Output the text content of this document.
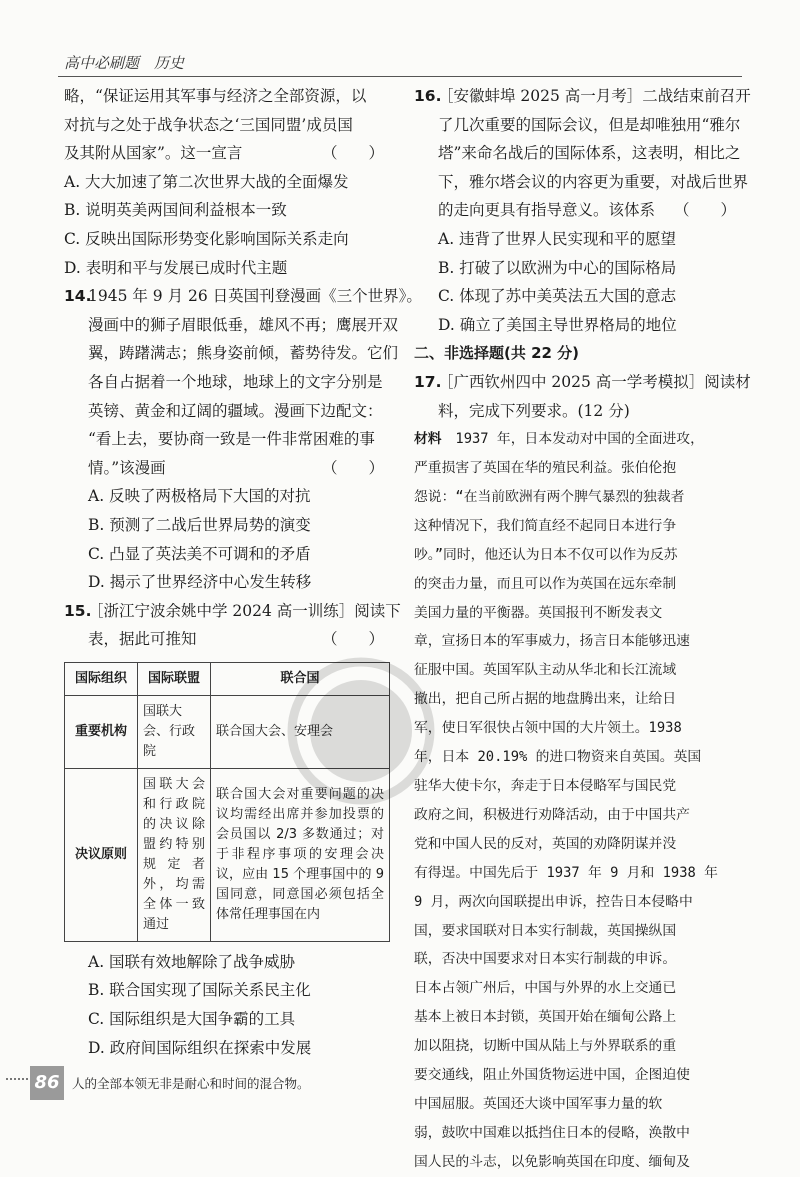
高中必刷题　历史
略，“保证运用其军事与经济之全部资源，以
对抗与之处于战争状态之‘三国同盟’成员国
及其附从国家”。这一宣言	（　　）
A. 大大加速了第二次世界大战的全面爆发
B. 说明英美两国间利益根本一致
C. 反映出国际形势变化影响国际关系走向
D. 表明和平与发展已成时代主题
14.1945 年 9 月 26 日英国刊登漫画《三个世界》。
漫画中的狮子眉眼低垂，雄风不再；鹰展开双
翼，踌躇满志；熊身姿前倾，蓄势待发。它们
各自占据着一个地球，地球上的文字分别是
英镑、黄金和辽阔的疆域。漫画下边配文：
“看上去，要协商一致是一件非常困难的事
情。”该漫画	（　　）
A. 反映了两极格局下大国的对抗
B. 预测了二战后世界局势的演变
C. 凸显了英法美不可调和的矛盾
D. 揭示了世界经济中心发生转移
15.［浙江宁波余姚中学 2024 高一训练］阅读下
表，据此可推知	（　　）
国际组织	国际联盟	联合国
重要机构	国联大会、行政院	联合国大会、安理会
决议原则	国联大会和行政院的决议除盟约特别规定者外，均需全体一致通过	联合国大会对重要问题的决议均需经出席并参加投票的会员国以 2/3 多数通过；对于非程序事项的安理会决议，应由 15 个理事国中的 9 国同意，同意国必须包括全体常任理事国在内
A. 国联有效地解除了战争威胁
B. 联合国实现了国际关系民主化
C. 国际组织是大国争霸的工具
D. 政府间国际组织在探索中发展
16.［安徽蚌埠 2025 高一月考］二战结束前召开
了几次重要的国际会议，但是却唯独用“雅尔
塔”来命名战后的国际体系，这表明，相比之
下，雅尔塔会议的内容更为重要，对战后世界
的走向更具有指导意义。该体系 （　　）
A. 违背了世界人民实现和平的愿望
B. 打破了以欧洲为中心的国际格局
C. 体现了苏中美英法五大国的意志
D. 确立了美国主导世界格局的地位
二、非选择题(共 22 分)
17.［广西钦州四中 2025 高一学考模拟］阅读材
料，完成下列要求。(12 分)
材料　1937 年，日本发动对中国的全面进攻，
严重损害了英国在华的殖民利益。张伯伦抱
怨说：“在当前欧洲有两个脾气暴烈的独裁者
这种情况下，我们简直经不起同日本进行争
吵。”同时，他还认为日本不仅可以作为反苏
的突击力量，而且可以作为英国在远东牵制
美国力量的平衡器。英国报刊不断发表文
章，宣扬日本的军事威力，扬言日本能够迅速
征服中国。英国军队主动从华北和长江流域
撤出，把自己所占据的地盘腾出来，让给日
军，使日军很快占领中国的大片领土。1938
年，日本 20.19% 的进口物资来自英国。英国
驻华大使卡尔，奔走于日本侵略军与国民党
政府之间，积极进行劝降活动，由于中国共产
党和中国人民的反对，英国的劝降阴谋并没
有得逞。中国先后于 1937 年 9 月和 1938 年
9 月，两次向国联提出申诉，控告日本侵略中
国，要求国联对日本实行制裁，英国操纵国
联，否决中国要求对日本实行制裁的申诉。
日本占领广州后，中国与外界的水上交通已
基本上被日本封锁，英国开始在缅甸公路上
加以阻挠，切断中国从陆上与外界联系的重
要交通线，阻止外国货物运进中国，企图迫使
中国屈服。英国还大谈中国军事力量的软
弱，鼓吹中国难以抵挡住日本的侵略，涣散中
国人民的斗志，以免影响英国在印度、缅甸及
86 人的全部本领无非是耐心和时间的混合物。
